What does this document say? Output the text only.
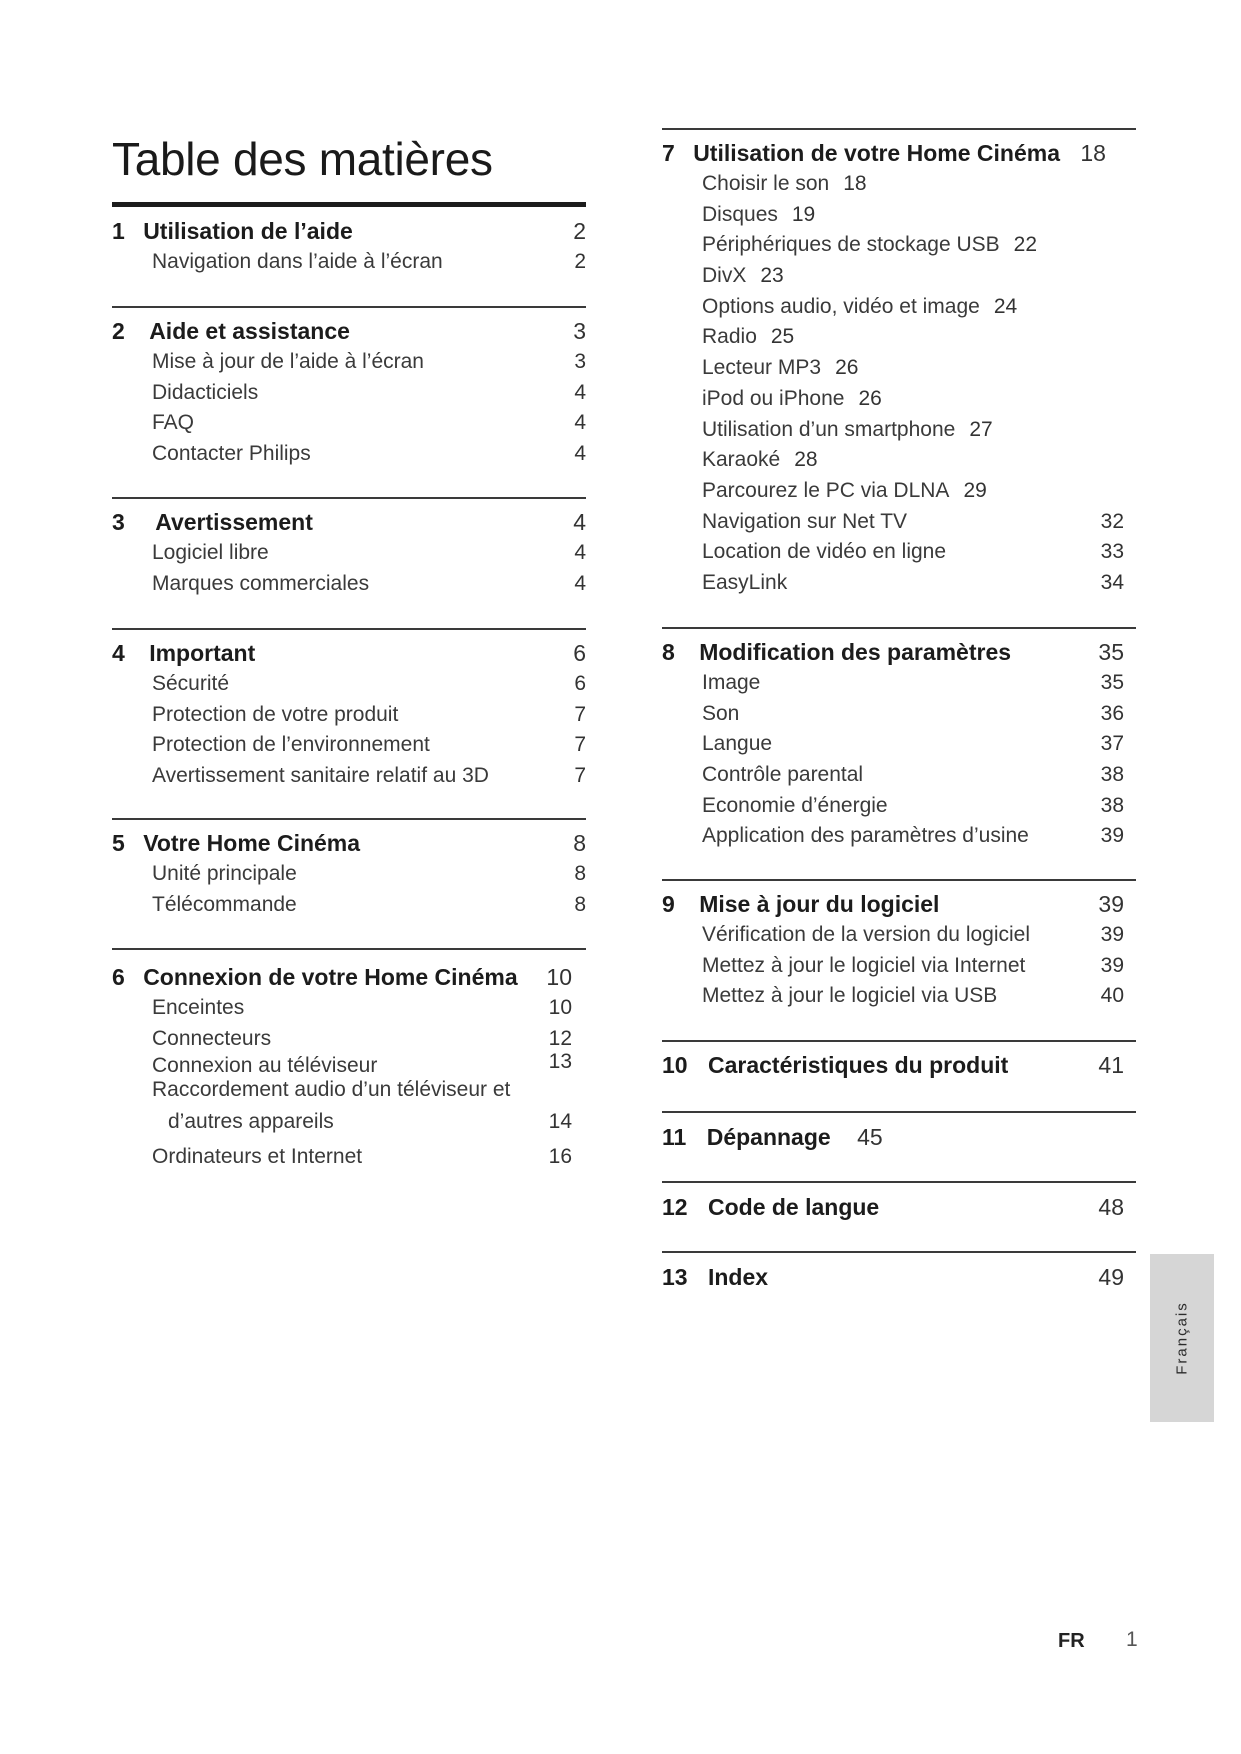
Table des matières
1 Utilisation de l’aide	2
Navigation dans l’aide à l’écran	2
2 Aide et assistance	3
Mise à jour de l’aide à l’écran	3
Didacticiels	4
FAQ	4
Contacter Philips	4
3 Avertissement	4
Logiciel libre	4
Marques commerciales	4
4 Important	6
Sécurité	6
Protection de votre produit	7
Protection de l’environnement	7
Avertissement sanitaire relatif au 3D	7
5 Votre Home Cinéma	8
Unité principale	8
Télécommande	8
6 Connexion de votre Home Cinéma 10
Enceintes	10
Connecteurs	12
Connexion au téléviseur	13
Raccordement audio d’un téléviseur et
d’autres appareils	14
Ordinateurs et Internet	16
7 Utilisation de votre Home Cinéma 18
Choisir le son 18
Disques 19
Périphériques de stockage USB 22
DivX 23
Options audio, vidéo et image 24
Radio 25
Lecteur MP3 26
iPod ou iPhone 26
Utilisation d’un smartphone 27
Karaoké 28
Parcourez le PC via DLNA 29
Navigation sur Net TV	32
Location de vidéo en ligne	33
EasyLink	34
8 Modification des paramètres	35
Image	35
Son	36
Langue	37
Contrôle parental	38
Economie d’énergie	38
Application des paramètres d’usine	39
9 Mise à jour du logiciel	39
Vérification de la version du logiciel	39
Mettez à jour le logiciel via Internet	39
Mettez à jour le logiciel via USB	40
10 Caractéristiques du produit	41
11 Dépannage 45
12 Code de langue	48
13 Index	49
Français
FR 1
